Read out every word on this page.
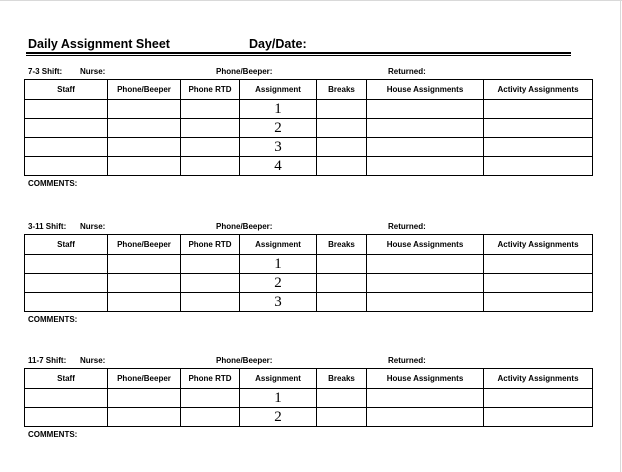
Daily Assignment Sheet	Day/Date:
7-3 Shift: Nurse:	Phone/Beeper:	Returned:
Staff	Phone/Beeper	Phone RTD	Assignment	Breaks	House Assignments	Activity Assignments
			1			
			2			
			3			
			4			
COMMENTS:
3-11 Shift: Nurse:	Phone/Beeper:	Returned:
Staff	Phone/Beeper	Phone RTD	Assignment	Breaks	House Assignments	Activity Assignments
			1			
			2			
			3			
COMMENTS:
11-7 Shift: Nurse:	Phone/Beeper:	Returned:
Staff	Phone/Beeper	Phone RTD	Assignment	Breaks	House Assignments	Activity Assignments
			1			
			2			
COMMENTS:
